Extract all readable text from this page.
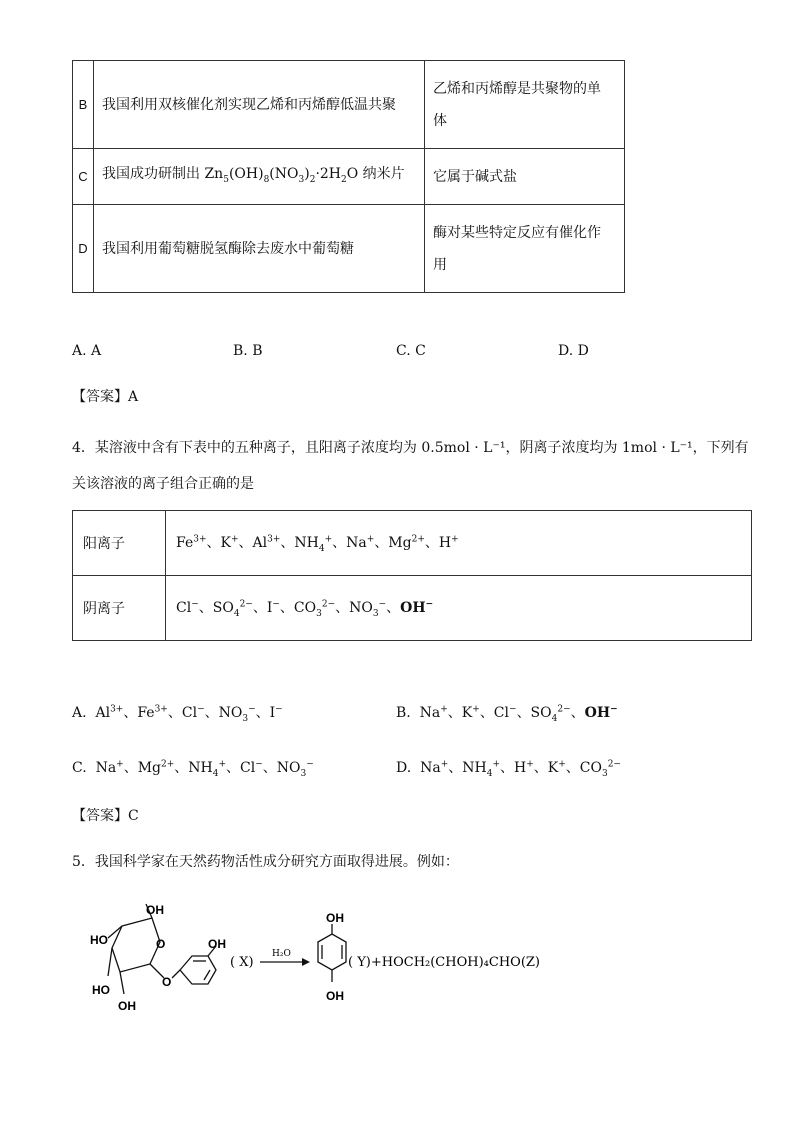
B	我国利用双核催化剂实现乙烯和丙烯醇低温共聚	乙烯和丙烯醇是共聚物的单
体
C	我国成功研制出 $Zn_5(OH)_8(NO_3)_2\cdot 2H_2O$ 纳米片	它属于碱式盐
D	我国利用葡萄糖脱氢酶除去废水中葡萄糖	酶对某些特定反应有催化作
用
A. A	B. B	C. C	D. D
【答案】A
4．某溶液中含有下表中的五种离子，且阳离子浓度均为 0.5mol · L⁻¹，阴离子浓度均为 1mol · L⁻¹，下列有
关该溶液的离子组合正确的是
阳离子	$Fe^{3+}$、K+、$Al^{3+}$、$NH_4^+$、Na+、$Mg^{2+}$、H+
阴离子	Cl−、$SO_4^{2-}$、I−、$CO_3^{2-}$、$NO_3^-$、OH−
A.  $Al^{3+}$、$Fe^{3+}$、Cl−、$NO_3^-$、I−	B.  Na+、K+、Cl−、$SO_4^{2-}$、OH−
C.  Na+、$Mg^{2+}$、$NH_4^+$、Cl−、$NO_3^-$	D.  Na+、$NH_4^+$、H+、K+、$CO_3^{2-}$
【答案】C
5．我国科学家在天然药物活性成分研究方面取得进展。例如：
OH
HO
HO
OH
O
O
OH
( X)
H₂O
OH
OH
( Y)+HOCH₂(CHOH)₄CHO(Z)
